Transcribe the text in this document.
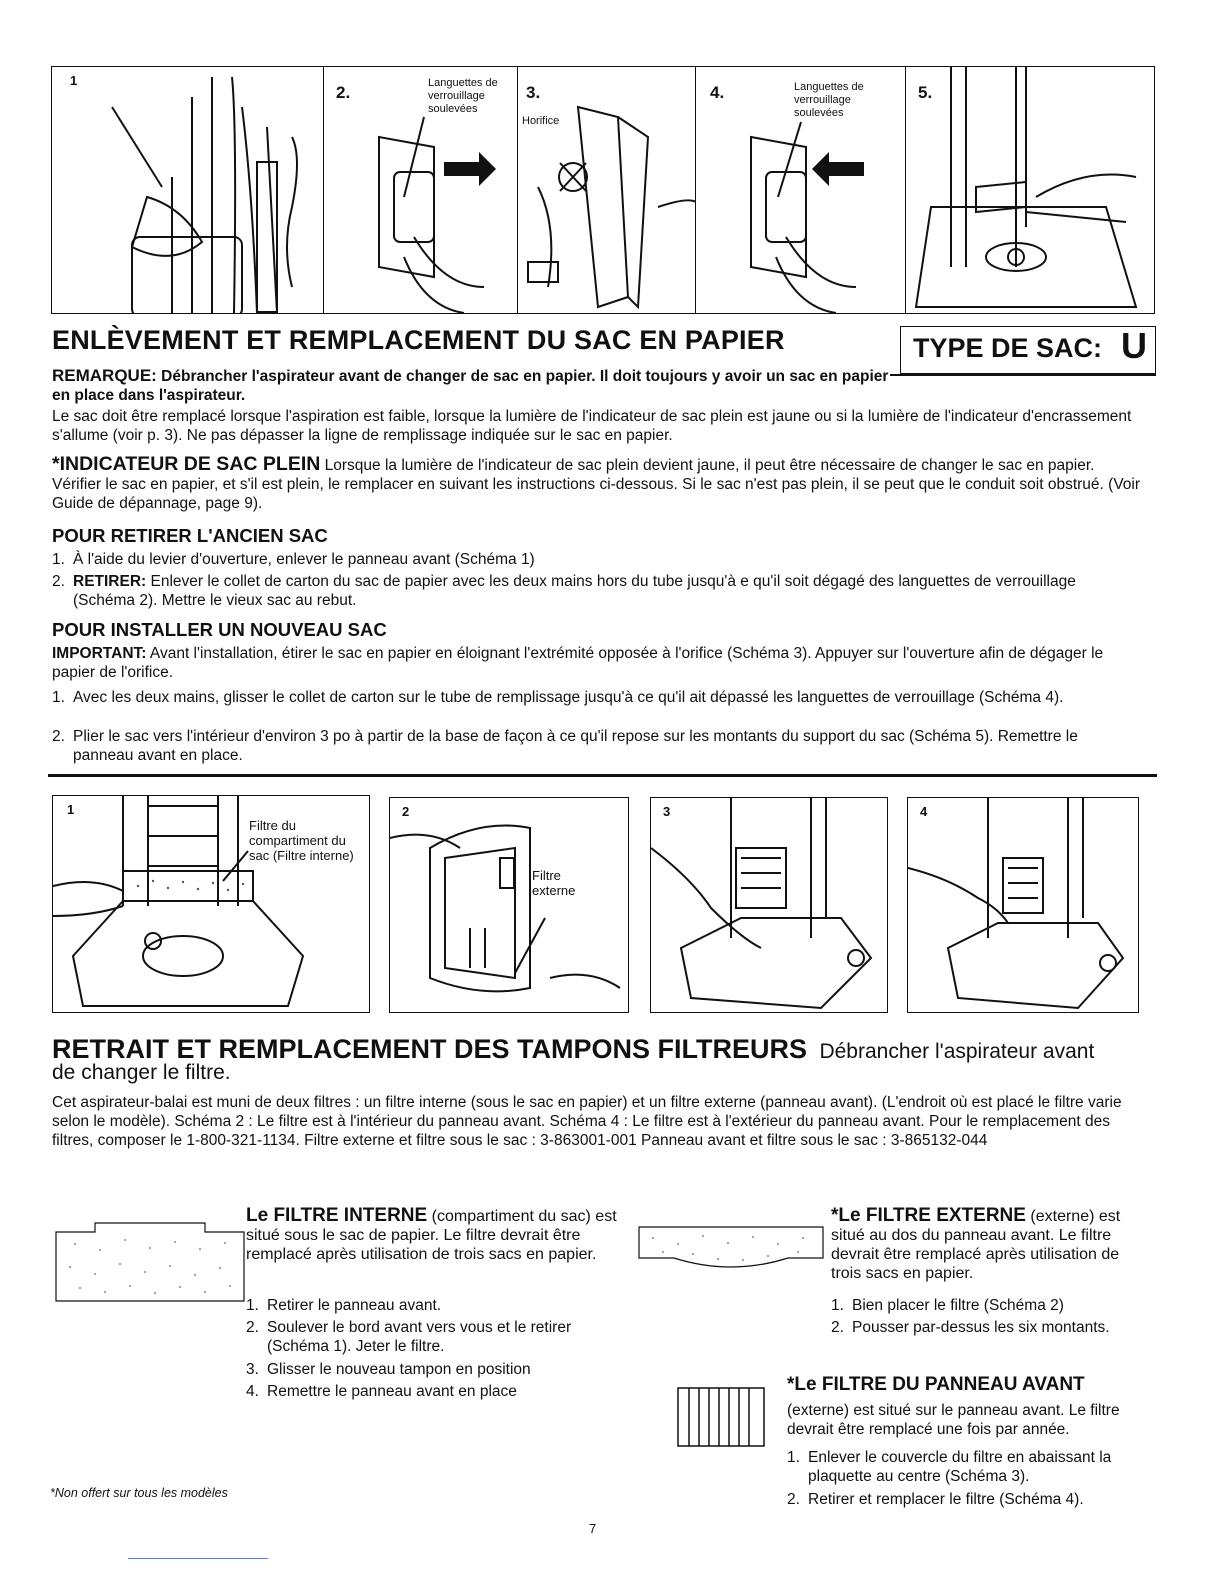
1
2.	Languettes de verrouillage soulevées
3.
Horifice
4.	Languettes de verrouillage soulevées
5.
ENLÈVEMENT ET REMPLACEMENT DU SAC EN PAPIER	TYPE DE SAC: U

REMARQUE: Débrancher l'aspirateur avant de changer de sac en papier. Il doit toujours y avoir un sac en papier en place dans l'aspirateur.

Le sac doit être remplacé lorsque l'aspiration est faible, lorsque la lumière de l'indicateur de sac plein est jaune ou si la lumière de l'indicateur d'encrassement s'allume (voir p. 3). Ne pas dépasser la ligne de remplissage indiquée sur le sac en papier.

*INDICATEUR DE SAC PLEIN Lorsque la lumière de l'indicateur de sac plein devient jaune, il peut être nécessaire de changer le sac en papier. Vérifier le sac en papier, et s'il est plein, le remplacer en suivant les instructions ci-dessous. Si le sac n'est pas plein, il se peut que le conduit soit obstrué. (Voir Guide de dépannage, page 9).

POUR RETIRER L'ANCIEN SAC
1. À l'aide du levier d'ouverture, enlever le panneau avant (Schéma 1)
2. RETIRER: Enlever le collet de carton du sac de papier avec les deux mains hors du tube jusqu'à e qu'il soit dégagé des languettes de verrouillage (Schéma 2). Mettre le vieux sac au rebut.
POUR INSTALLER UN NOUVEAU SAC

IMPORTANT: Avant l'installation, étirer le sac en papier en éloignant l'extrémité opposée à l'orifice (Schéma 3). Appuyer sur l'ouverture afin de dégager le papier de l'orifice.

1. Avec les deux mains, glisser le collet de carton sur le tube de remplissage jusqu'à ce qu'il ait dépassé les languettes de verrouillage (Schéma 4).
2. Plier le sac vers l'intérieur d'environ 3 po à partir de la base de façon à ce qu'il repose sur les montants du support du sac (Schéma 5). Remettre le panneau avant en place.
1
Filtre du compartiment du sac (Filtre interne)
2
Filtre externe
3	4
RETRAIT ET REMPLACEMENT DES TAMPONS FILTREURS Débrancher l'aspirateur avant
de changer le filtre.

Cet aspirateur-balai est muni de deux filtres : un filtre interne (sous le sac en papier) et un filtre externe (panneau avant). (L'endroit où est placé le filtre varie selon le modèle). Schéma 2 : Le filtre est à l'intérieur du panneau avant. Schéma 4 : Le filtre est à l'extérieur du panneau avant. Pour le remplacement des filtres, composer le 1-800-321-1134. Filtre externe et filtre sous le sac : 3-863001-001 Panneau avant et filtre sous le sac : 3-865132-044

Le FILTRE INTERNE (compartiment du sac) est situé sous le sac de papier. Le filtre devrait être remplacé après utilisation de trois sacs en papier.
1. Retirer le panneau avant.
2. Soulever le bord avant vers vous et le retirer (Schéma 1). Jeter le filtre.
3. Glisser le nouveau tampon en position
4. Remettre le panneau avant en place
*Le FILTRE EXTERNE (externe) est situé au dos du panneau avant. Le filtre devrait être remplacé après utilisation de trois sacs en papier.
1. Bien placer le filtre (Schéma 2)
2. Pousser par-dessus les six montants.
*Le FILTRE DU PANNEAU AVANT
(externe) est situé sur le panneau avant. Le filtre devrait être remplacé une fois par année.
1. Enlever le couvercle du filtre en abaissant la plaquette au centre (Schéma 3).
2. Retirer et remplacer le filtre (Schéma 4).
*Non offert sur tous les modèles
7
